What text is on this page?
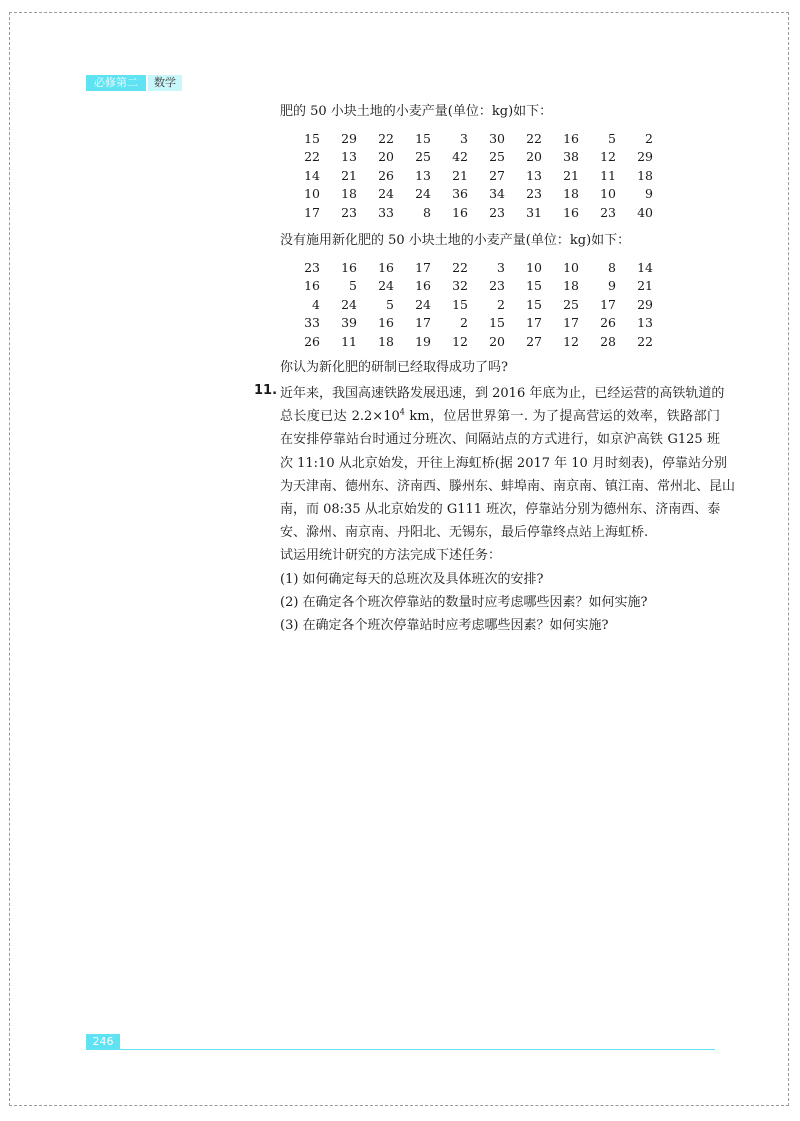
必修第二册
数学
肥的 50 小块土地的小麦产量(单位：kg)如下：
15	29	22	15	3	30	22	16	5	2
22	13	20	25	42	25	20	38	12	29
14	21	26	13	21	27	13	21	11	18
10	18	24	24	36	34	23	18	10	9
17	23	33	8	16	23	31	16	23	40
没有施用新化肥的 50 小块土地的小麦产量(单位：kg)如下：
23	16	16	17	22	3	10	10	8	14
16	5	24	16	32	23	15	18	9	21
4	24	5	24	15	2	15	25	17	29
33	39	16	17	2	15	17	17	26	13
26	11	18	19	12	20	27	12	28	22
你认为新化肥的研制已经取得成功了吗?
11. 近年来，我国高速铁路发展迅速，到 2016 年底为止，已经运营的高铁轨道的
总长度已达 $2.2\times 10^4$ km，位居世界第一. 为了提高营运的效率，铁路部门
在安排停靠站台时通过分班次、间隔站点的方式进行，如京沪高铁 G125 班
次 11:10 从北京始发，开往上海虹桥(据 2017 年 10 月时刻表)，停靠站分别
为天津南、德州东、济南西、滕州东、蚌埠南、南京南、镇江南、常州北、昆山
南，而 08:35 从北京始发的 G111 班次，停靠站分别为德州东、济南西、泰
安、滁州、南京南、丹阳北、无锡东，最后停靠终点站上海虹桥.
试运用统计研究的方法完成下述任务：
(1) 如何确定每天的总班次及具体班次的安排?
(2) 在确定各个班次停靠站的数量时应考虑哪些因素？如何实施?
(3) 在确定各个班次停靠站时应考虑哪些因素？如何实施?
246
